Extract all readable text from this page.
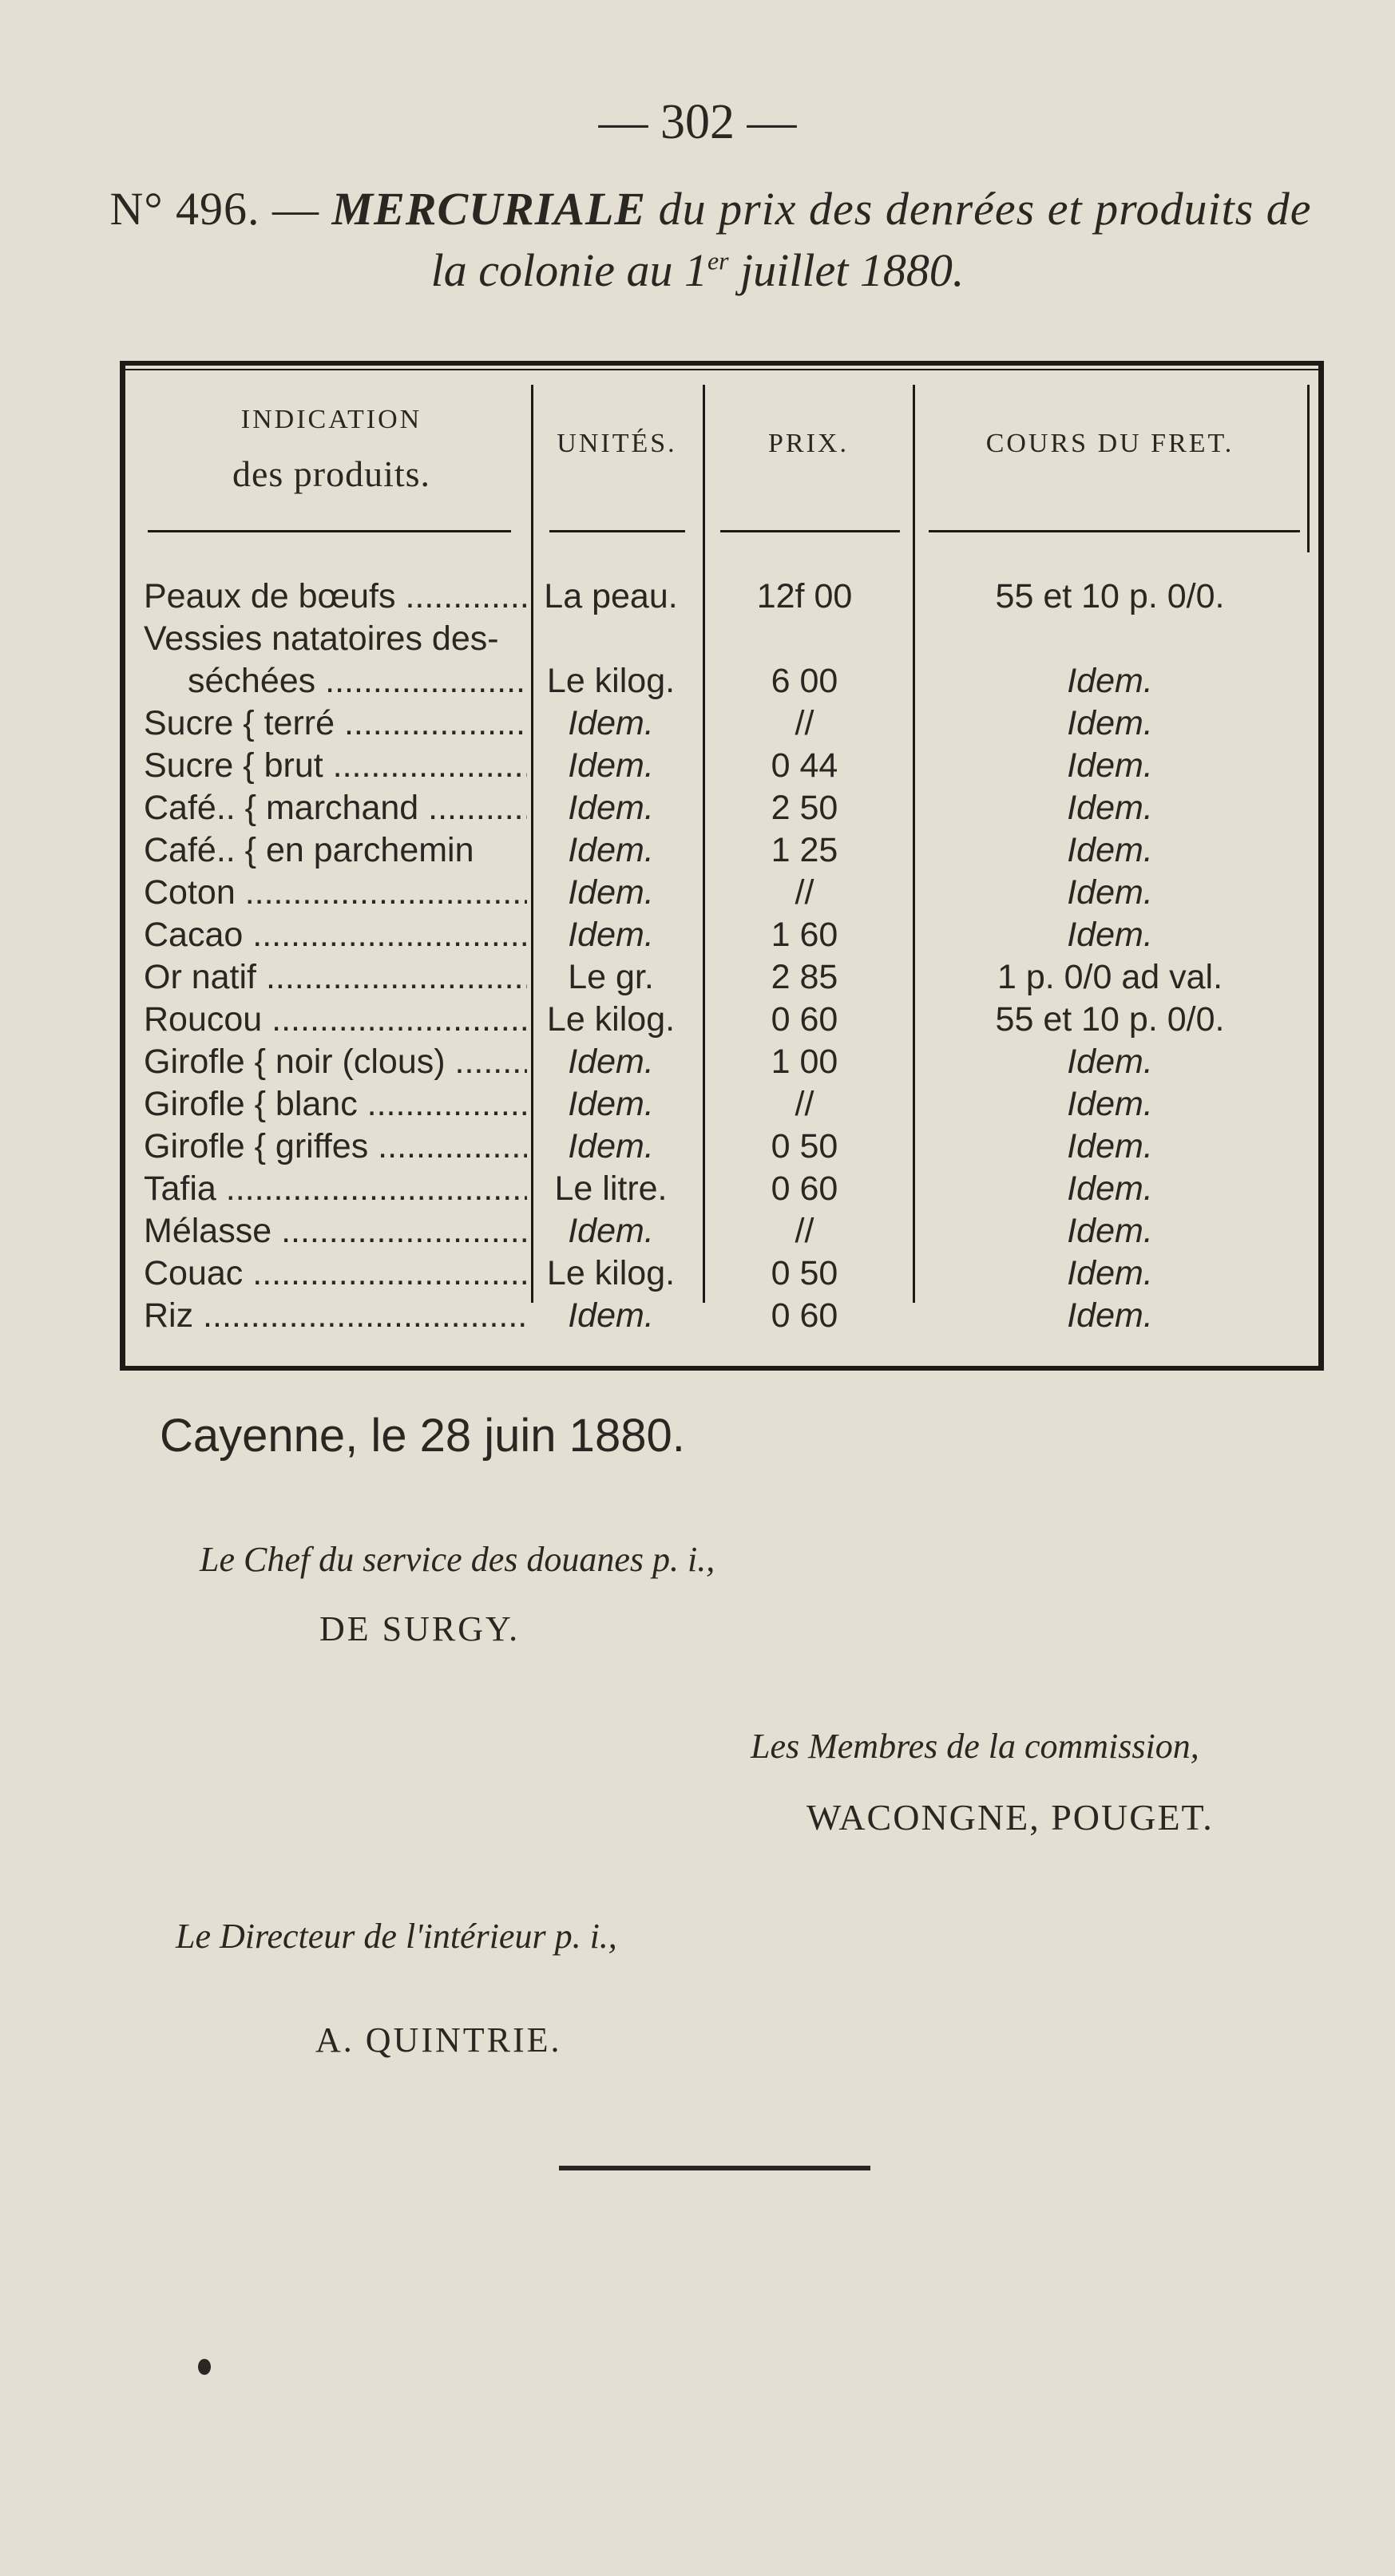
— 302 —
N° 496. — MERCURIALE du prix des denrées et produits de
la colonie au 1er juillet 1880.
INDICATION
des produits.
UNITÉS.	PRIX.	COURS DU FRET.
Peaux de bœufs .....	La peau.	12f 00	55 et 10 p. 0/0.
Vessies natatoires des-
séchées .....	Le kilog.	6 00	Idem.
Sucre { terré .....	Idem.	//	Idem.
Sucre { brut .....	Idem.	0 44	Idem.
Café.. { marchand .....	Idem.	2 50	Idem.
Café.. { en parchemin	Idem.	1 25	Idem.
Coton .....	Idem.	//	Idem.
Cacao .....	Idem.	1 60	Idem.
Or natif .....	Le gr.	2 85	1 p. 0/0 ad val.
Roucou .....	Le kilog.	0 60	55 et 10 p. 0/0.
Girofle { noir (clous) .....	Idem.	1 00	Idem.
Girofle { blanc .....	Idem.	//	Idem.
Girofle { griffes .....	Idem.	0 50	Idem.
Tafia .....	Le litre.	0 60	Idem.
Mélasse .....	Idem.	//	Idem.
Couac .....	Le kilog.	0 50	Idem.
Riz .....	Idem.	0 60	Idem.
Cayenne, le 28 juin 1880.
Le Chef du service des douanes p. i.,
DE SURGY.
Les Membres de la commission,
WACONGNE, POUGET.
Le Directeur de l'intérieur p. i.,
A. QUINTRIE.
